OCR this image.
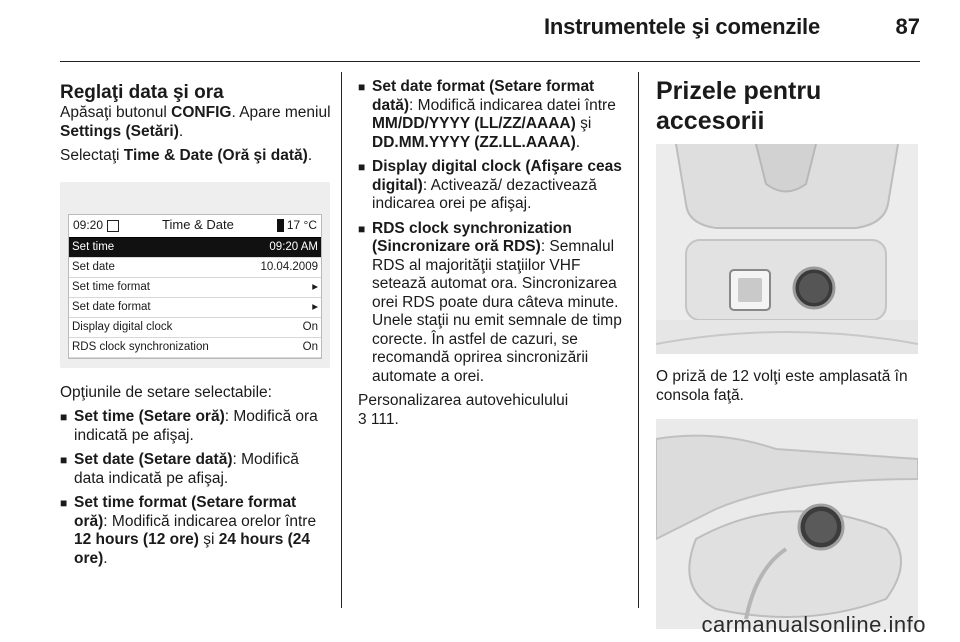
Instrumentele şi comenzile	87
Reglaţi data şi ora

Apăsaţi butonul CONFIG. Apare meniul Settings (Setări).

Selectaţi Time & Date (Oră şi dată).

09:20	Time & Date	17 °C
Set time	09:20 AM
Set date	10.04.2009
Set time format	▸
Set date format	▸
Display digital clock	On
RDS clock synchronization	On

Opţiunile de setare selectabile:

■ Set time (Setare oră): Modifică ora indicată pe afişaj.
■ Set date (Setare dată): Modifică data indicată pe afişaj.
■ Set time format (Setare format oră): Modifică indicarea orelor între 12 hours (12 ore) şi 24 hours (24 ore).
■ Set date format (Setare format dată): Modifică indicarea datei între MM/DD/YYYY (LL/ZZ/AAAA) şi DD.MM.YYYY (ZZ.LL.AAAA).
■ Display digital clock (Afişare ceas digital): Activează/ dezactivează indicarea orei pe afişaj.
■ RDS clock synchronization (Sincronizare oră RDS): Semnalul RDS al majorităţii staţiilor VHF setează automat ora. Sincronizarea orei RDS poate dura câteva minute. Unele staţii nu emit semnale de timp corecte. În astfel de cazuri, se recomandă oprirea sincronizării automate a orei.

Personalizarea autovehiculului
3 111.

Prizele pentru accesorii

O priză de 12 volţi este amplasată în consola faţă.

carmanualsonline.info
